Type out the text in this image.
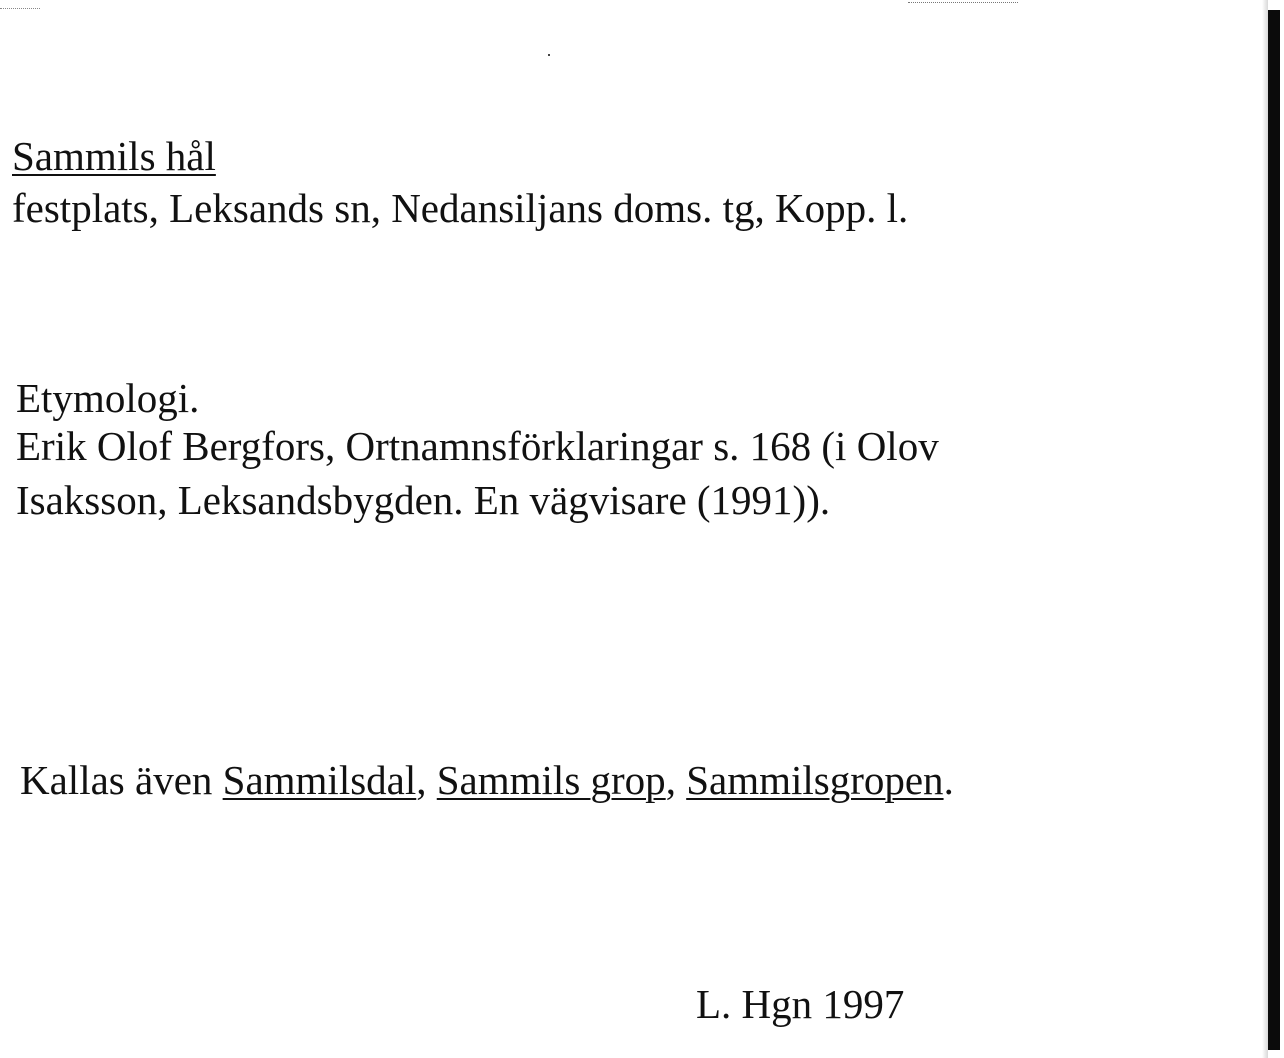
Sammils hål
festplats, Leksands sn, Nedansiljans doms. tg, Kopp. l.
Etymologi.
Erik Olof Bergfors, Ortnamnsförklaringar s. 168 (i Olov
Isaksson, Leksandsbygden. En vägvisare (1991)).
Kallas även Sammilsdal, Sammils grop, Sammilsgropen.
L. Hgn 1997
